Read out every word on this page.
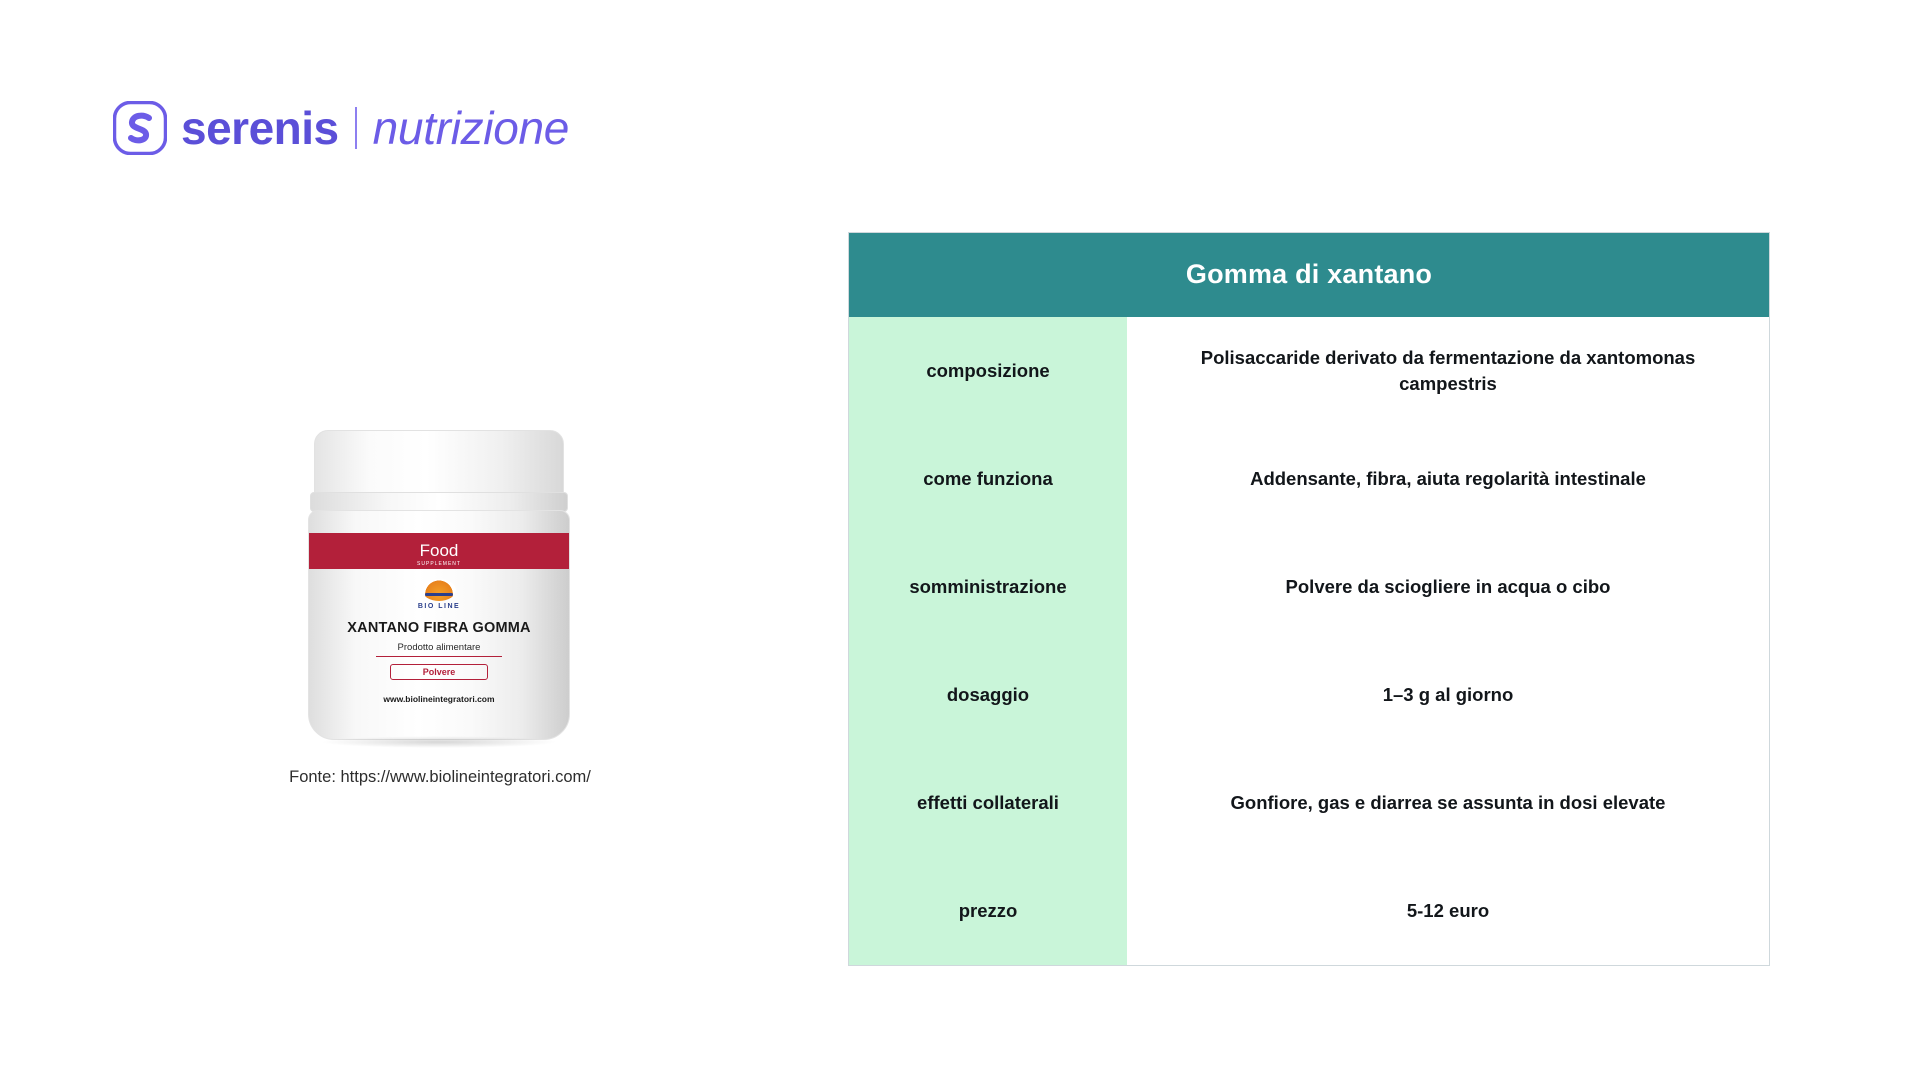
serenis nutrizione
Food
SUPPLEMENT
BIO LINE
XANTANO FIBRA GOMMA
Prodotto alimentare
Polvere
www.biolineintegratori.com
Fonte: https://www.biolineintegratori.com/
Gomma di xantano
composizione
come funziona
somministrazione
dosaggio
effetti collaterali
prezzo
Polisaccaride derivato da fermentazione da xantomonas campestris
Addensante, fibra, aiuta regolarità intestinale
Polvere da sciogliere in acqua o cibo
1–3 g al giorno
Gonfiore, gas e diarrea se assunta in dosi elevate
5-12 euro
